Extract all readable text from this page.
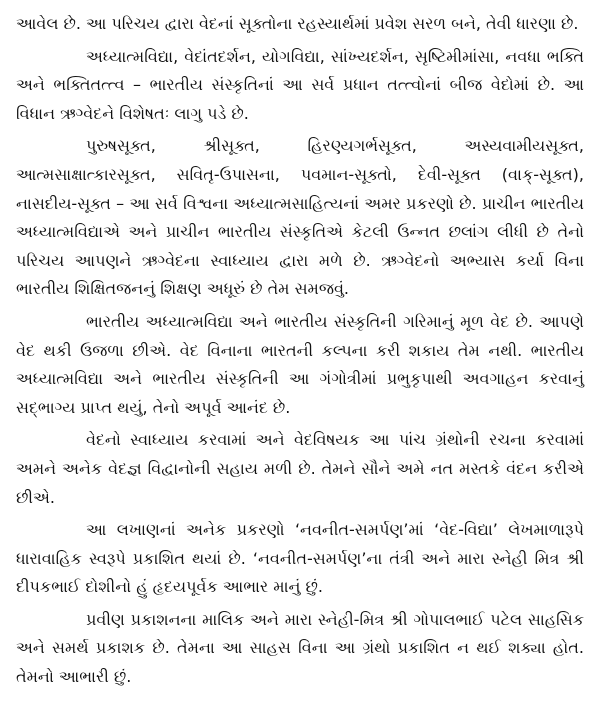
આવેલ છે. આ પરિચય દ્વારા વેદનાં સૂક્તોના રહસ્યાર્થમાં પ્રવેશ સરળ બને, તેવી ધારણા છે.

અધ્યાત્મવિદ્યા, વેદાંતદર્શન, યોગવિદ્યા, સાંખ્યદર્શન, સૃષ્ટિમીમાંસા, નવધા ભક્તિ અને ભક્તિતત્ત્વ – ભારતીય સંસ્કૃતિનાં આ સર્વ પ્રધાન તત્ત્વોનાં બીજ વેદોમાં છે. આ વિધાન ઋગ્વેદને વિશેષતઃ લાગુ પડે છે.

પુરુષસૂક્ત, શ્રીસૂક્ત, હિરણ્યગર્ભસૂક્ત, અસ્યવામીયસૂક્ત, આત્મસાક્ષાત્કારસૂક્ત, સવિતૃ-ઉપાસના, પવમાન-સૂક્તો, દેવી-સૂક્ત (વાક્-સૂક્ત), નાસદીય-સૂક્ત – આ સર્વ વિશ્વના અધ્યાત્મસાહિત્યનાં અમર પ્રકરણો છે. પ્રાચીન ભારતીય અધ્યાત્મવિદ્યાએ અને પ્રાચીન ભારતીય સંસ્કૃતિએ કેટલી ઉન્નત છલાંગ લીધી છે તેનો પરિચય આપણને ઋગ્વેદના સ્વાધ્યાય દ્વારા મળે છે. ઋગ્વેદનો અભ્યાસ કર્યા વિના ભારતીય શિક્ષિતજનનું શિક્ષણ અધૂરું છે તેમ સમજવું.

ભારતીય અધ્યાત્મવિદ્યા અને ભારતીય સંસ્કૃતિની ગરિમાનું મૂળ વેદ છે. આપણે વેદ થકી ઉજળા છીએ. વેદ વિનાના ભારતની કલ્પના કરી શકાય તેમ નથી. ભારતીય અધ્યાત્મવિદ્યા અને ભારતીય સંસ્કૃતિની આ ગંગોત્રીમાં પ્રભુકૃપાથી અવગાહન કરવાનું સદ્ભાગ્ય પ્રાપ્ત થયું, તેનો અપૂર્વ આનંદ છે.

વેદનો સ્વાધ્યાય કરવામાં અને વેદવિષયક આ પાંચ ગ્રંથોની રચના કરવામાં અમને અનેક વેદજ્ઞ વિદ્વાનોની સહાય મળી છે. તેમને સૌને અમે નત મસ્તકે વંદન કરીએ છીએ.

આ લખાણનાં અનેક પ્રકરણો ‘નવનીત-સમર્પણ’માં ‘વેદ-વિદ્યા’ લેખમાળારૂપે ધારાવાહિક સ્વરૂપે પ્રકાશિત થયાં છે. ‘નવનીત-સમર્પણ’ના તંત્રી અને મારા સ્નેહી મિત્ર શ્રી દીપકભાઈ દોશીનો હું હૃદયપૂર્વક આભાર માનું છું.

પ્રવીણ પ્રકાશનના માલિક અને મારા સ્નેહી-મિત્ર શ્રી ગોપાલભાઈ પટેલ સાહસિક અને સમર્થ પ્રકાશક છે. તેમના આ સાહસ વિના આ ગ્રંથો પ્રકાશિત ન થઈ શક્યા હોત. તેમનો આભારી છું.
